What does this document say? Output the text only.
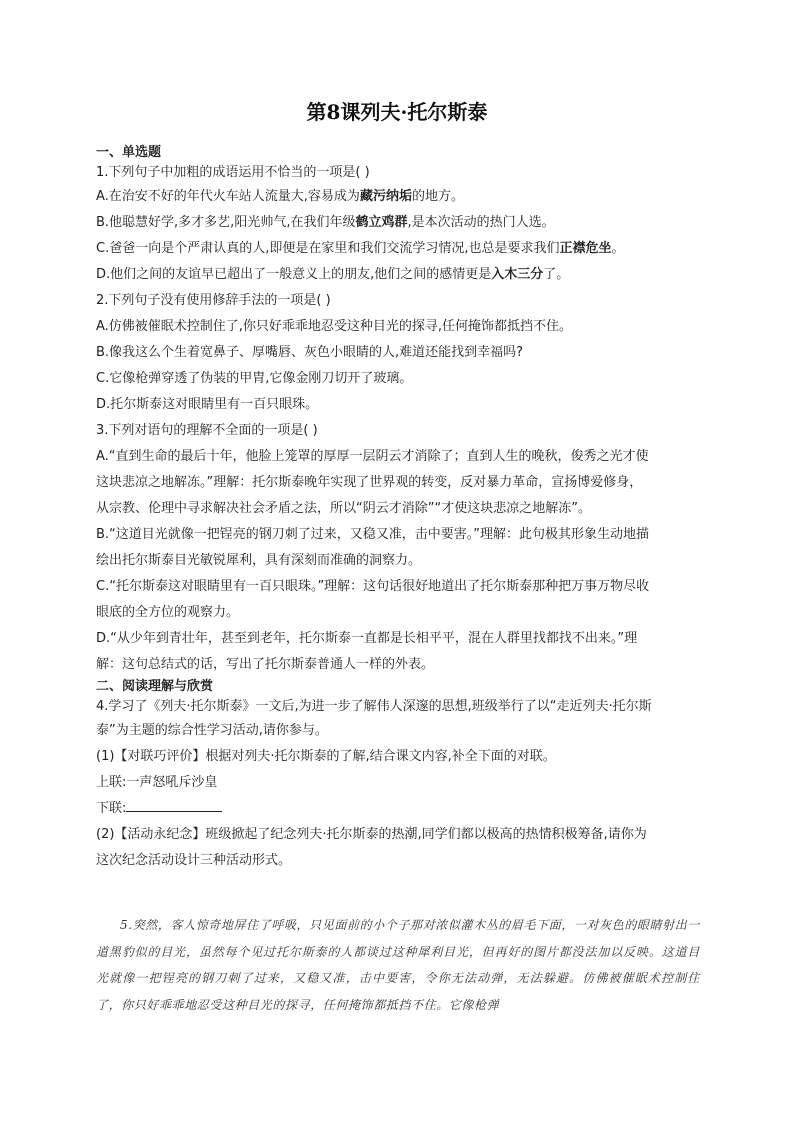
第8课列夫·托尔斯泰
一、单选题
1.下列句子中加粗的成语运用不恰当的一项是( )
A.在治安不好的年代火车站人流量大,容易成为藏污纳垢的地方。
B.他聪慧好学,多才多艺,阳光帅气,在我们年级鹤立鸡群,是本次活动的热门人选。
C.爸爸一向是个严肃认真的人,即便是在家里和我们交流学习情况,也总是要求我们正襟危坐。
D.他们之间的友谊早已超出了一般意义上的朋友,他们之间的感情更是入木三分了。
2.下列句子没有使用修辞手法的一项是( )
A.仿佛被催眠术控制住了,你只好乖乖地忍受这种目光的探寻,任何掩饰都抵挡不住。
B.像我这么个生着宽鼻子、厚嘴唇、灰色小眼睛的人,难道还能找到幸福吗?
C.它像枪弹穿透了伪装的甲胄,它像金刚刀切开了玻璃。
D.托尔斯泰这对眼睛里有一百只眼珠。
3.下列对语句的理解不全面的一项是( )
A.“直到生命的最后十年，他脸上笼罩的厚厚一层阴云才消除了；直到人生的晚秋，俊秀之光才使
这块悲凉之地解冻。”理解：托尔斯泰晚年实现了世界观的转变，反对暴力革命，宣扬博爱修身，
从宗教、伦理中寻求解决社会矛盾之法，所以“阴云才消除”“才使这块悲凉之地解冻”。
B.“这道目光就像一把锃亮的钢刀刺了过来，又稳又准，击中要害。”理解：此句极其形象生动地描
绘出托尔斯泰目光敏锐犀利，具有深刻而准确的洞察力。
C.“托尔斯泰这对眼睛里有一百只眼珠。”理解：这句话很好地道出了托尔斯泰那种把万事万物尽收
眼底的全方位的观察力。
D.“从少年到青壮年，甚至到老年，托尔斯泰一直都是长相平平，混在人群里找都找不出来。”理
解：这句总结式的话，写出了托尔斯泰普通人一样的外表。
二、阅读理解与欣赏
4.学习了《列夫·托尔斯泰》一文后,为进一步了解伟人深邃的思想,班级举行了以“走近列夫·托尔斯
泰”为主题的综合性学习活动,请你参与。
(1)【对联巧评价】根据对列夫·托尔斯泰的了解,结合课文内容,补全下面的对联。
上联:一声怒吼斥沙皇
下联:
(2)【活动永纪念】班级掀起了纪念列夫·托尔斯泰的热潮,同学们都以极高的热情积极筹备,请你为
这次纪念活动设计三种活动形式。
5.突然，客人惊奇地屏住了呼吸，只见面前的小个子那对浓似灌木丛的眉毛下面，一对灰色的眼睛射出一道黑豹似的目光，虽然每个见过托尔斯泰的人都谈过这种犀利目光，但再好的图片都没法加以反映。这道目光就像一把锃亮的钢刀刺了过来，又稳又准，击中要害，令你无法动弹，无法躲避。仿佛被催眠术控制住了，你只好乖乖地忍受这种目光的探寻，任何掩饰都抵挡不住。它像枪弹
